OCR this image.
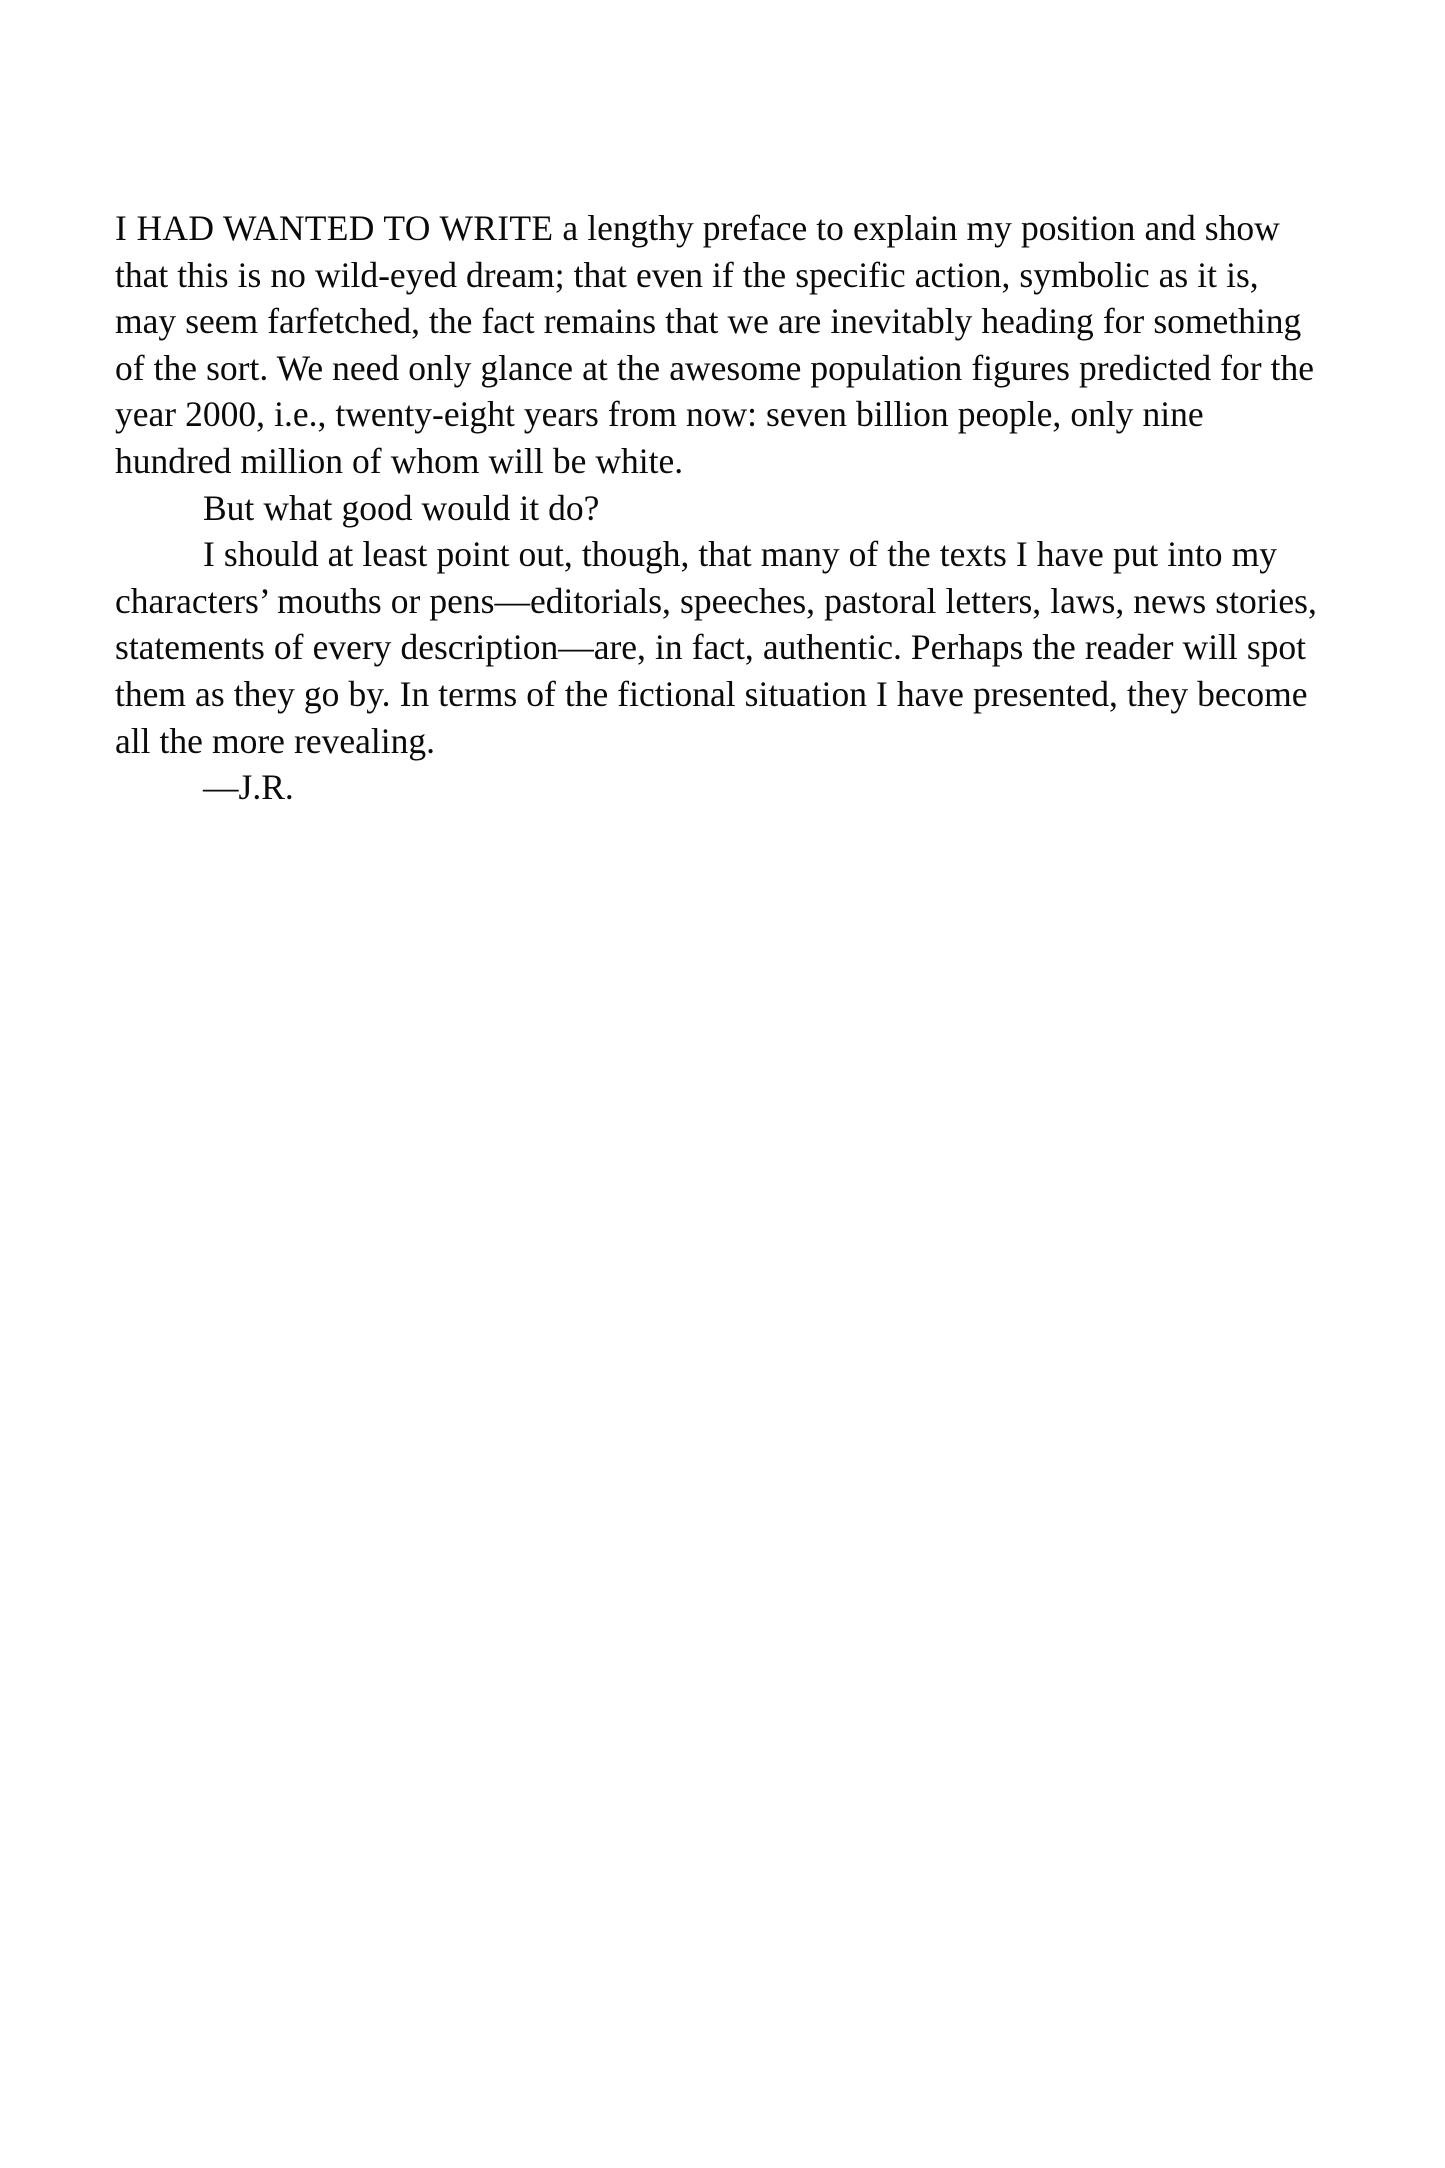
I HAD WANTED TO WRITE a lengthy preface to explain my position and show that this is no wild-eyed dream; that even if the specific action, symbolic as it is, may seem farfetched, the fact remains that we are inevitably heading for something of the sort. We need only glance at the awesome population figures predicted for the year 2000, i.e., twenty-eight years from now: seven billion people, only nine hundred million of whom will be white.

But what good would it do?

I should at least point out, though, that many of the texts I have put into my characters’ mouths or pens—editorials, speeches, pastoral letters, laws, news stories, statements of every description—are, in fact, authentic. Perhaps the reader will spot them as they go by. In terms of the fictional situation I have presented, they become all the more revealing.

—J.R.
